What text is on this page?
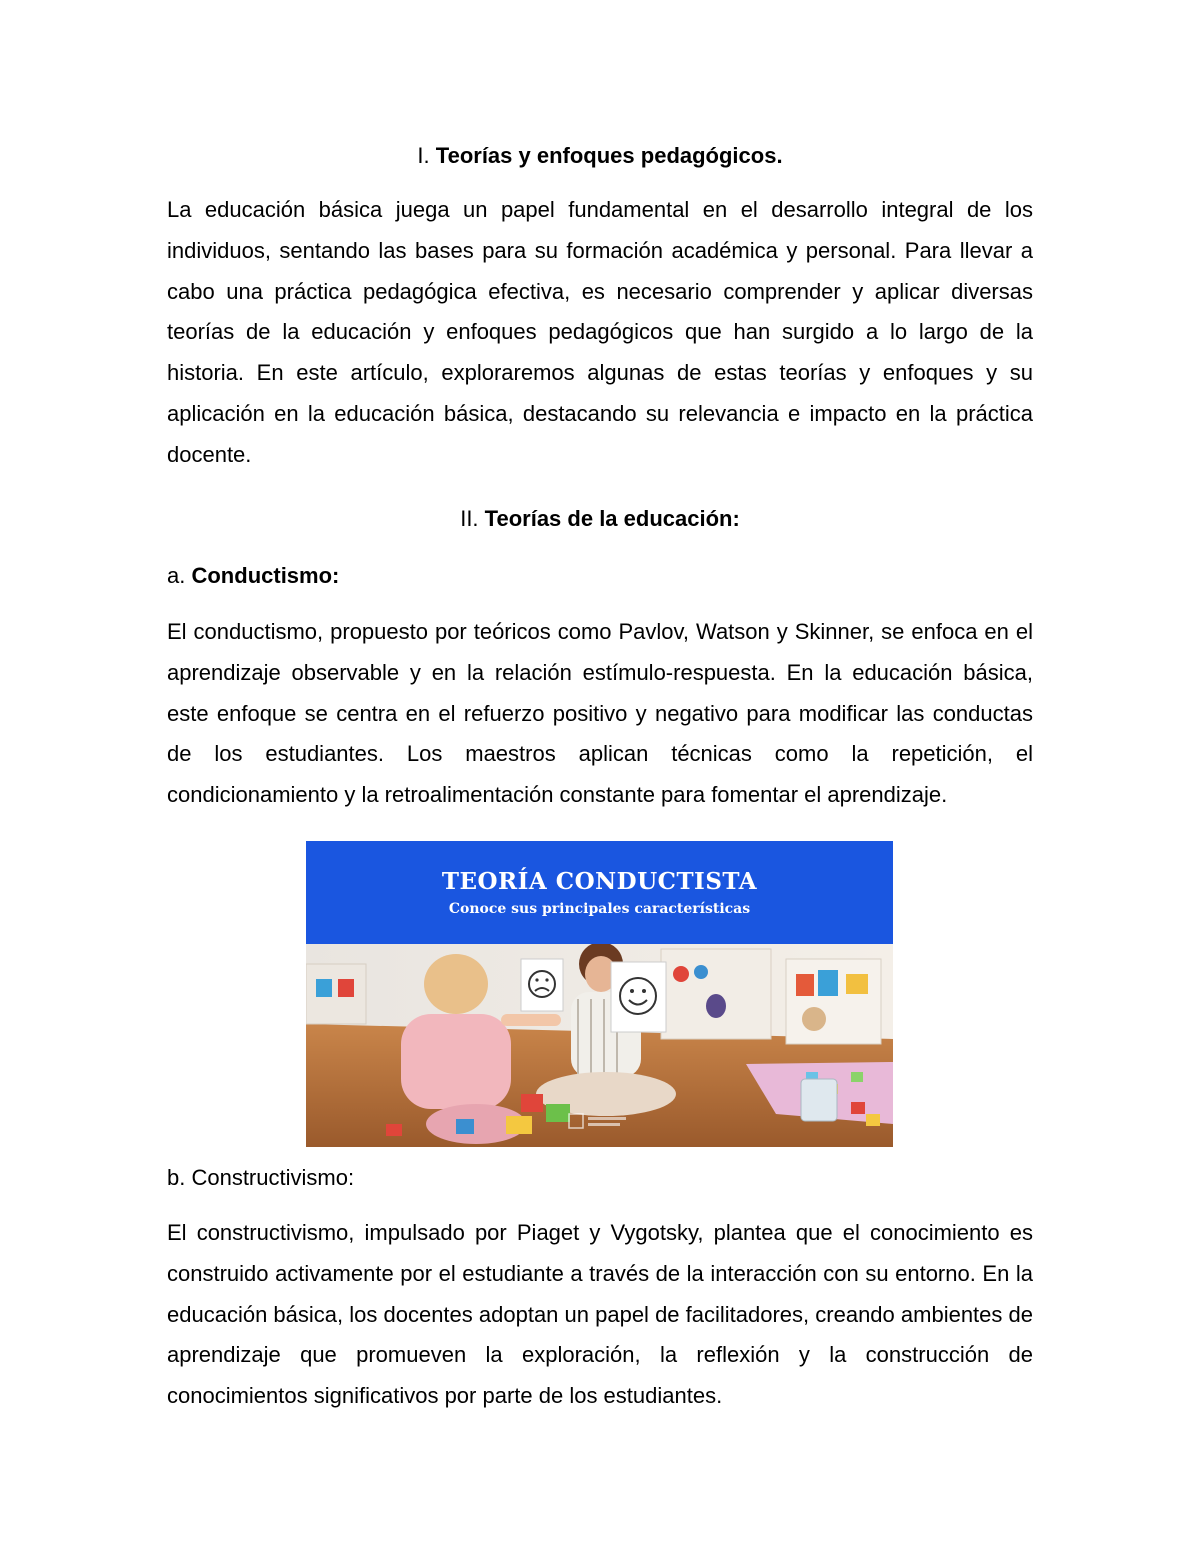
I. Teorías y enfoques pedagógicos.

La educación básica juega un papel fundamental en el desarrollo integral de los individuos, sentando las bases para su formación académica y personal. Para llevar a cabo una práctica pedagógica efectiva, es necesario comprender y aplicar diversas teorías de la educación y enfoques pedagógicos que han surgido a lo largo de la historia. En este artículo, exploraremos algunas de estas teorías y enfoques y su aplicación en la educación básica, destacando su relevancia e impacto en la práctica docente.

II. Teorías de la educación:

a. Conductismo:

El conductismo, propuesto por teóricos como Pavlov, Watson y Skinner, se enfoca en el aprendizaje observable y en la relación estímulo-respuesta. En la educación básica, este enfoque se centra en el refuerzo positivo y negativo para modificar las conductas de los estudiantes. Los maestros aplican técnicas como la repetición, el condicionamiento y la retroalimentación constante para fomentar el aprendizaje.

TEORÍA CONDUCTISTA
Conoce sus principales características

b. Constructivismo:

El constructivismo, impulsado por Piaget y Vygotsky, plantea que el conocimiento es construido activamente por el estudiante a través de la interacción con su entorno. En la educación básica, los docentes adoptan un papel de facilitadores, creando ambientes de aprendizaje que promueven la exploración, la reflexión y la construcción de conocimientos significativos por parte de los estudiantes.
